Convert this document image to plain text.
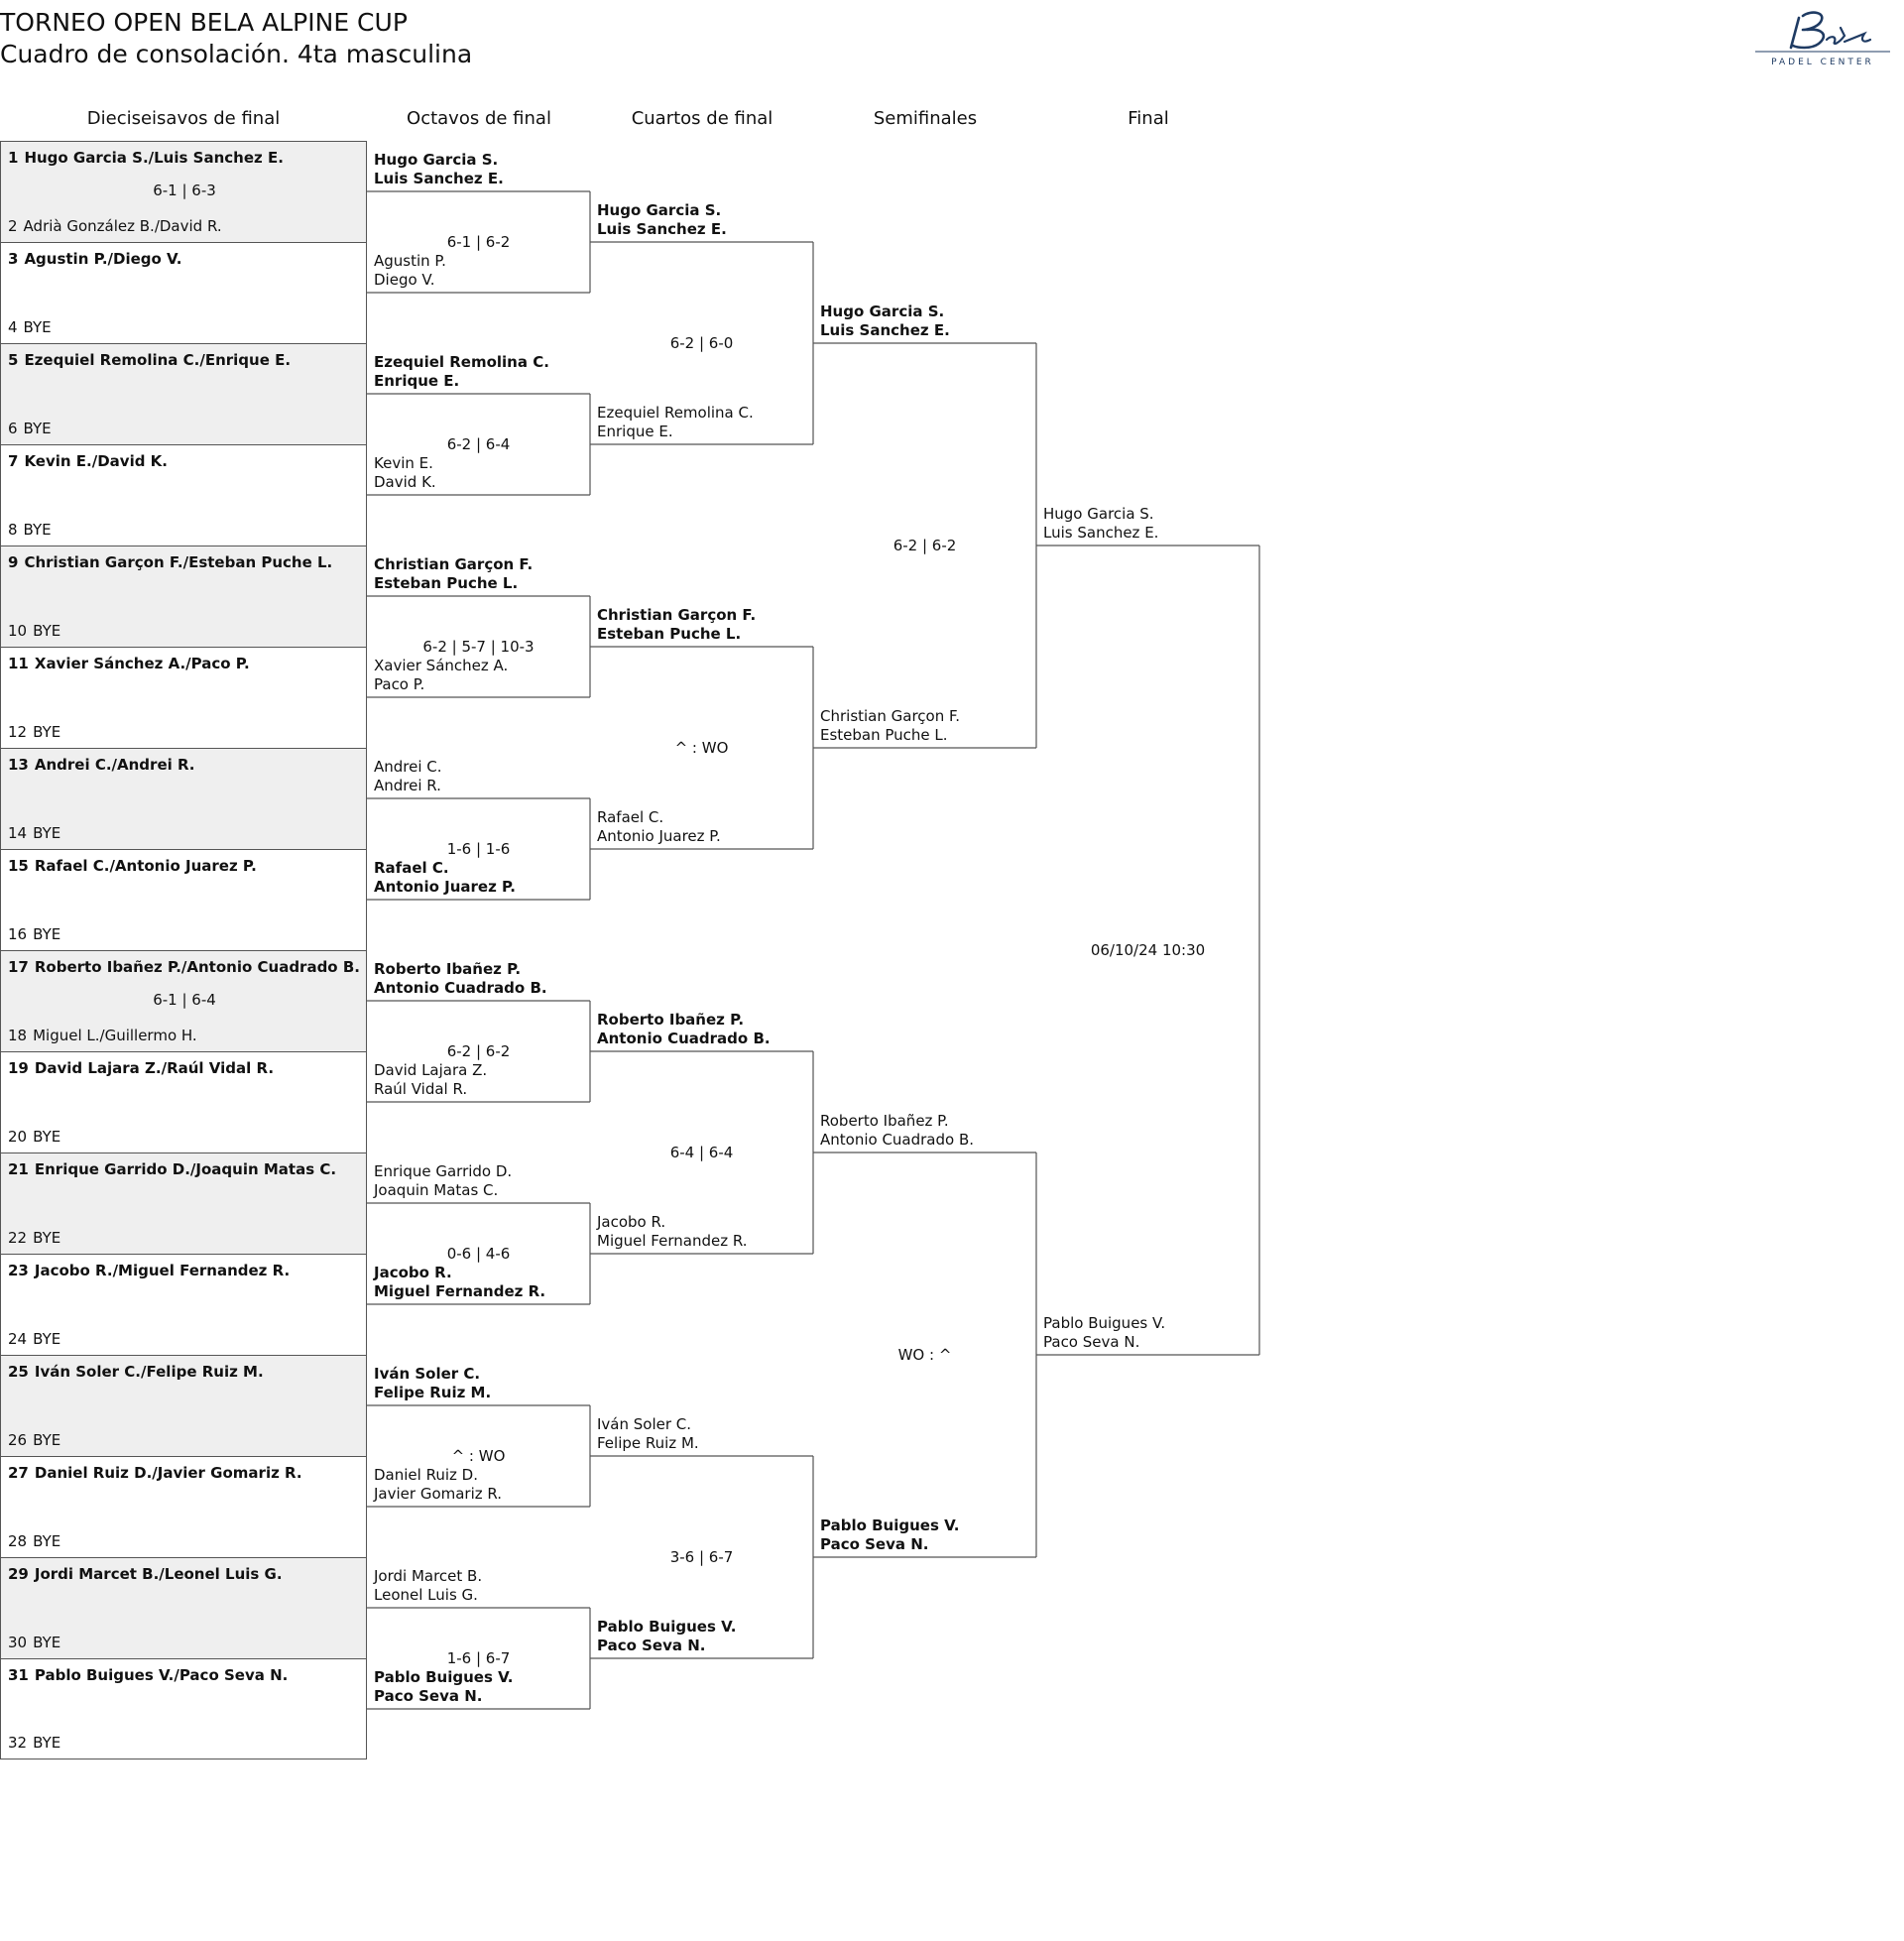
TORNEO OPEN BELA ALPINE CUP
Cuadro de consolación. 4ta masculina	PADEL CENTER
Dieciseisavos de final	Octavos de final	Cuartos de final	Semifinales	Final
1 Hugo Garcia S./Luis Sanchez E.
6-1 | 6-3
2 Adrià González B./David R.
3 Agustin P./Diego V.
4 BYE
5 Ezequiel Remolina C./Enrique E.
6 BYE
7 Kevin E./David K.
8 BYE
9 Christian Garçon F./Esteban Puche L.
10 BYE
11 Xavier Sánchez A./Paco P.
12 BYE
13 Andrei C./Andrei R.
14 BYE
15 Rafael C./Antonio Juarez P.
16 BYE
17 Roberto Ibañez P./Antonio Cuadrado B.
6-1 | 6-4
18 Miguel L./Guillermo H.
19 David Lajara Z./Raúl Vidal R.
20 BYE
21 Enrique Garrido D./Joaquin Matas C.
22 BYE
23 Jacobo R./Miguel Fernandez R.
24 BYE
25 Iván Soler C./Felipe Ruiz M.
26 BYE
27 Daniel Ruiz D./Javier Gomariz R.
28 BYE
29 Jordi Marcet B./Leonel Luis G.
30 BYE
31 Pablo Buigues V./Paco Seva N.
32 BYE
Hugo Garcia S.
Luis Sanchez E.
Agustin P.
Diego V.
6-1 | 6-2
Ezequiel Remolina C.
Enrique E.
Kevin E.
David K.
6-2 | 6-4
Christian Garçon F.
Esteban Puche L.
Xavier Sánchez A.
Paco P.
6-2 | 5-7 | 10-3
Andrei C.
Andrei R.
Rafael C.
Antonio Juarez P.
1-6 | 1-6
Roberto Ibañez P.
Antonio Cuadrado B.
David Lajara Z.
Raúl Vidal R.
6-2 | 6-2
Enrique Garrido D.
Joaquin Matas C.
Jacobo R.
Miguel Fernandez R.
0-6 | 4-6
Iván Soler C.
Felipe Ruiz M.
Daniel Ruiz D.
Javier Gomariz R.
^ : WO
Jordi Marcet B.
Leonel Luis G.
Pablo Buigues V.
Paco Seva N.
1-6 | 6-7
Hugo Garcia S.
Luis Sanchez E.
Ezequiel Remolina C.
Enrique E.
6-2 | 6-0
Christian Garçon F.
Esteban Puche L.
Rafael C.
Antonio Juarez P.
^ : WO
Roberto Ibañez P.
Antonio Cuadrado B.
Jacobo R.
Miguel Fernandez R.
6-4 | 6-4
Iván Soler C.
Felipe Ruiz M.
Pablo Buigues V.
Paco Seva N.
3-6 | 6-7
Hugo Garcia S.
Luis Sanchez E.
Christian Garçon F.
Esteban Puche L.
6-2 | 6-2
Roberto Ibañez P.
Antonio Cuadrado B.
Pablo Buigues V.
Paco Seva N.
WO : ^
Hugo Garcia S.
Luis Sanchez E.
Pablo Buigues V.
Paco Seva N.
06/10/24 10:30
